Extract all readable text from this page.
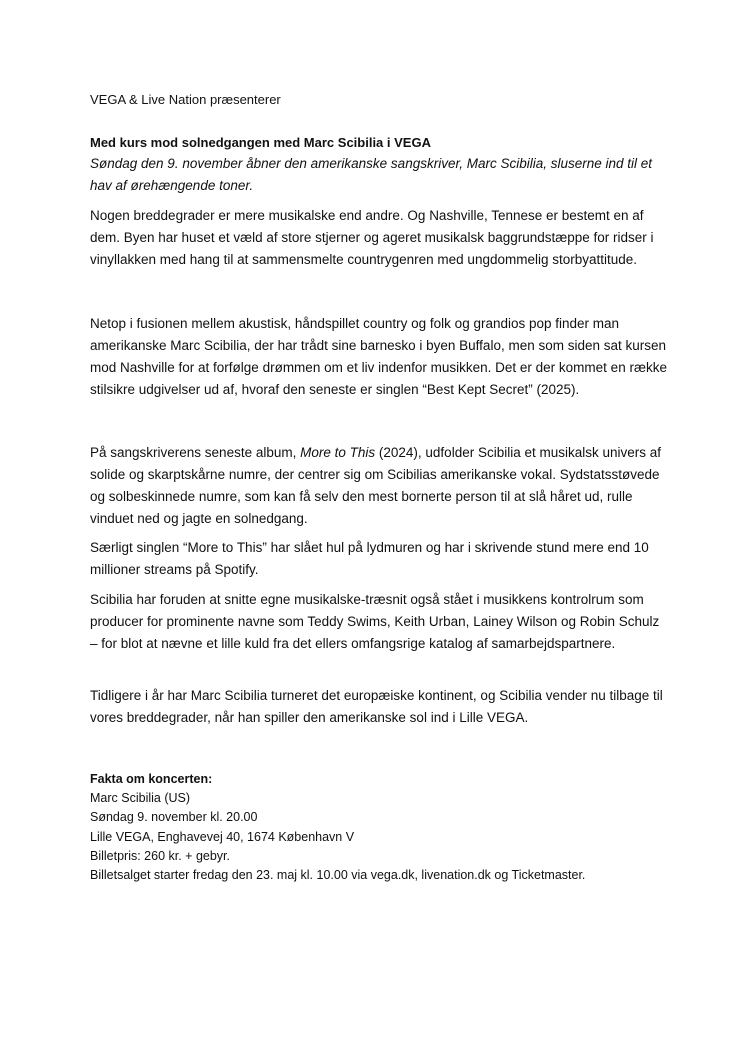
VEGA & Live Nation præsenterer

Med kurs mod solnedgangen med Marc Scibilia i VEGA

Søndag den 9. november åbner den amerikanske sangskriver, Marc Scibilia, sluserne ind til et hav af ørehængende toner.

Nogen breddegrader er mere musikalske end andre. Og Nashville, Tennese er bestemt en af dem. Byen har huset et væld af store stjerner og ageret musikalsk baggrundstæppe for ridser i vinyllakken med hang til at sammensmelte countrygenren med ungdommelig storbyattitude.

Netop i fusionen mellem akustisk, håndspillet country og folk og grandios pop finder man amerikanske Marc Scibilia, der har trådt sine barnesko i byen Buffalo, men som siden sat kursen mod Nashville for at forfølge drømmen om et liv indenfor musikken. Det er der kommet en række stilsikre udgivelser ud af, hvoraf den seneste er singlen “Best Kept Secret” (2025).

På sangskriverens seneste album, More to This (2024), udfolder Scibilia et musikalsk univers af solide og skarptskårne numre, der centrer sig om Scibilias amerikanske vokal. Sydstatsstøvede og solbeskinnede numre, som kan få selv den mest bornerte person til at slå håret ud, rulle vinduet ned og jagte en solnedgang.

Særligt singlen “More to This” har slået hul på lydmuren og har i skrivende stund mere end 10 millioner streams på Spotify.

Scibilia har foruden at snitte egne musikalske-træsnit også stået i musikkens kontrolrum som producer for prominente navne som Teddy Swims, Keith Urban, Lainey Wilson og Robin Schulz – for blot at nævne et lille kuld fra det ellers omfangsrige katalog af samarbejdspartnere.

Tidligere i år har Marc Scibilia turneret det europæiske kontinent, og Scibilia vender nu tilbage til vores breddegrader, når han spiller den amerikanske sol ind i Lille VEGA.

Fakta om koncerten:
Marc Scibilia (US)
Søndag 9. november kl. 20.00
Lille VEGA, Enghavevej 40, 1674 København V
Billetpris: 260 kr. + gebyr.
Billetsalget starter fredag den 23. maj kl. 10.00 via vega.dk, livenation.dk og Ticketmaster.
